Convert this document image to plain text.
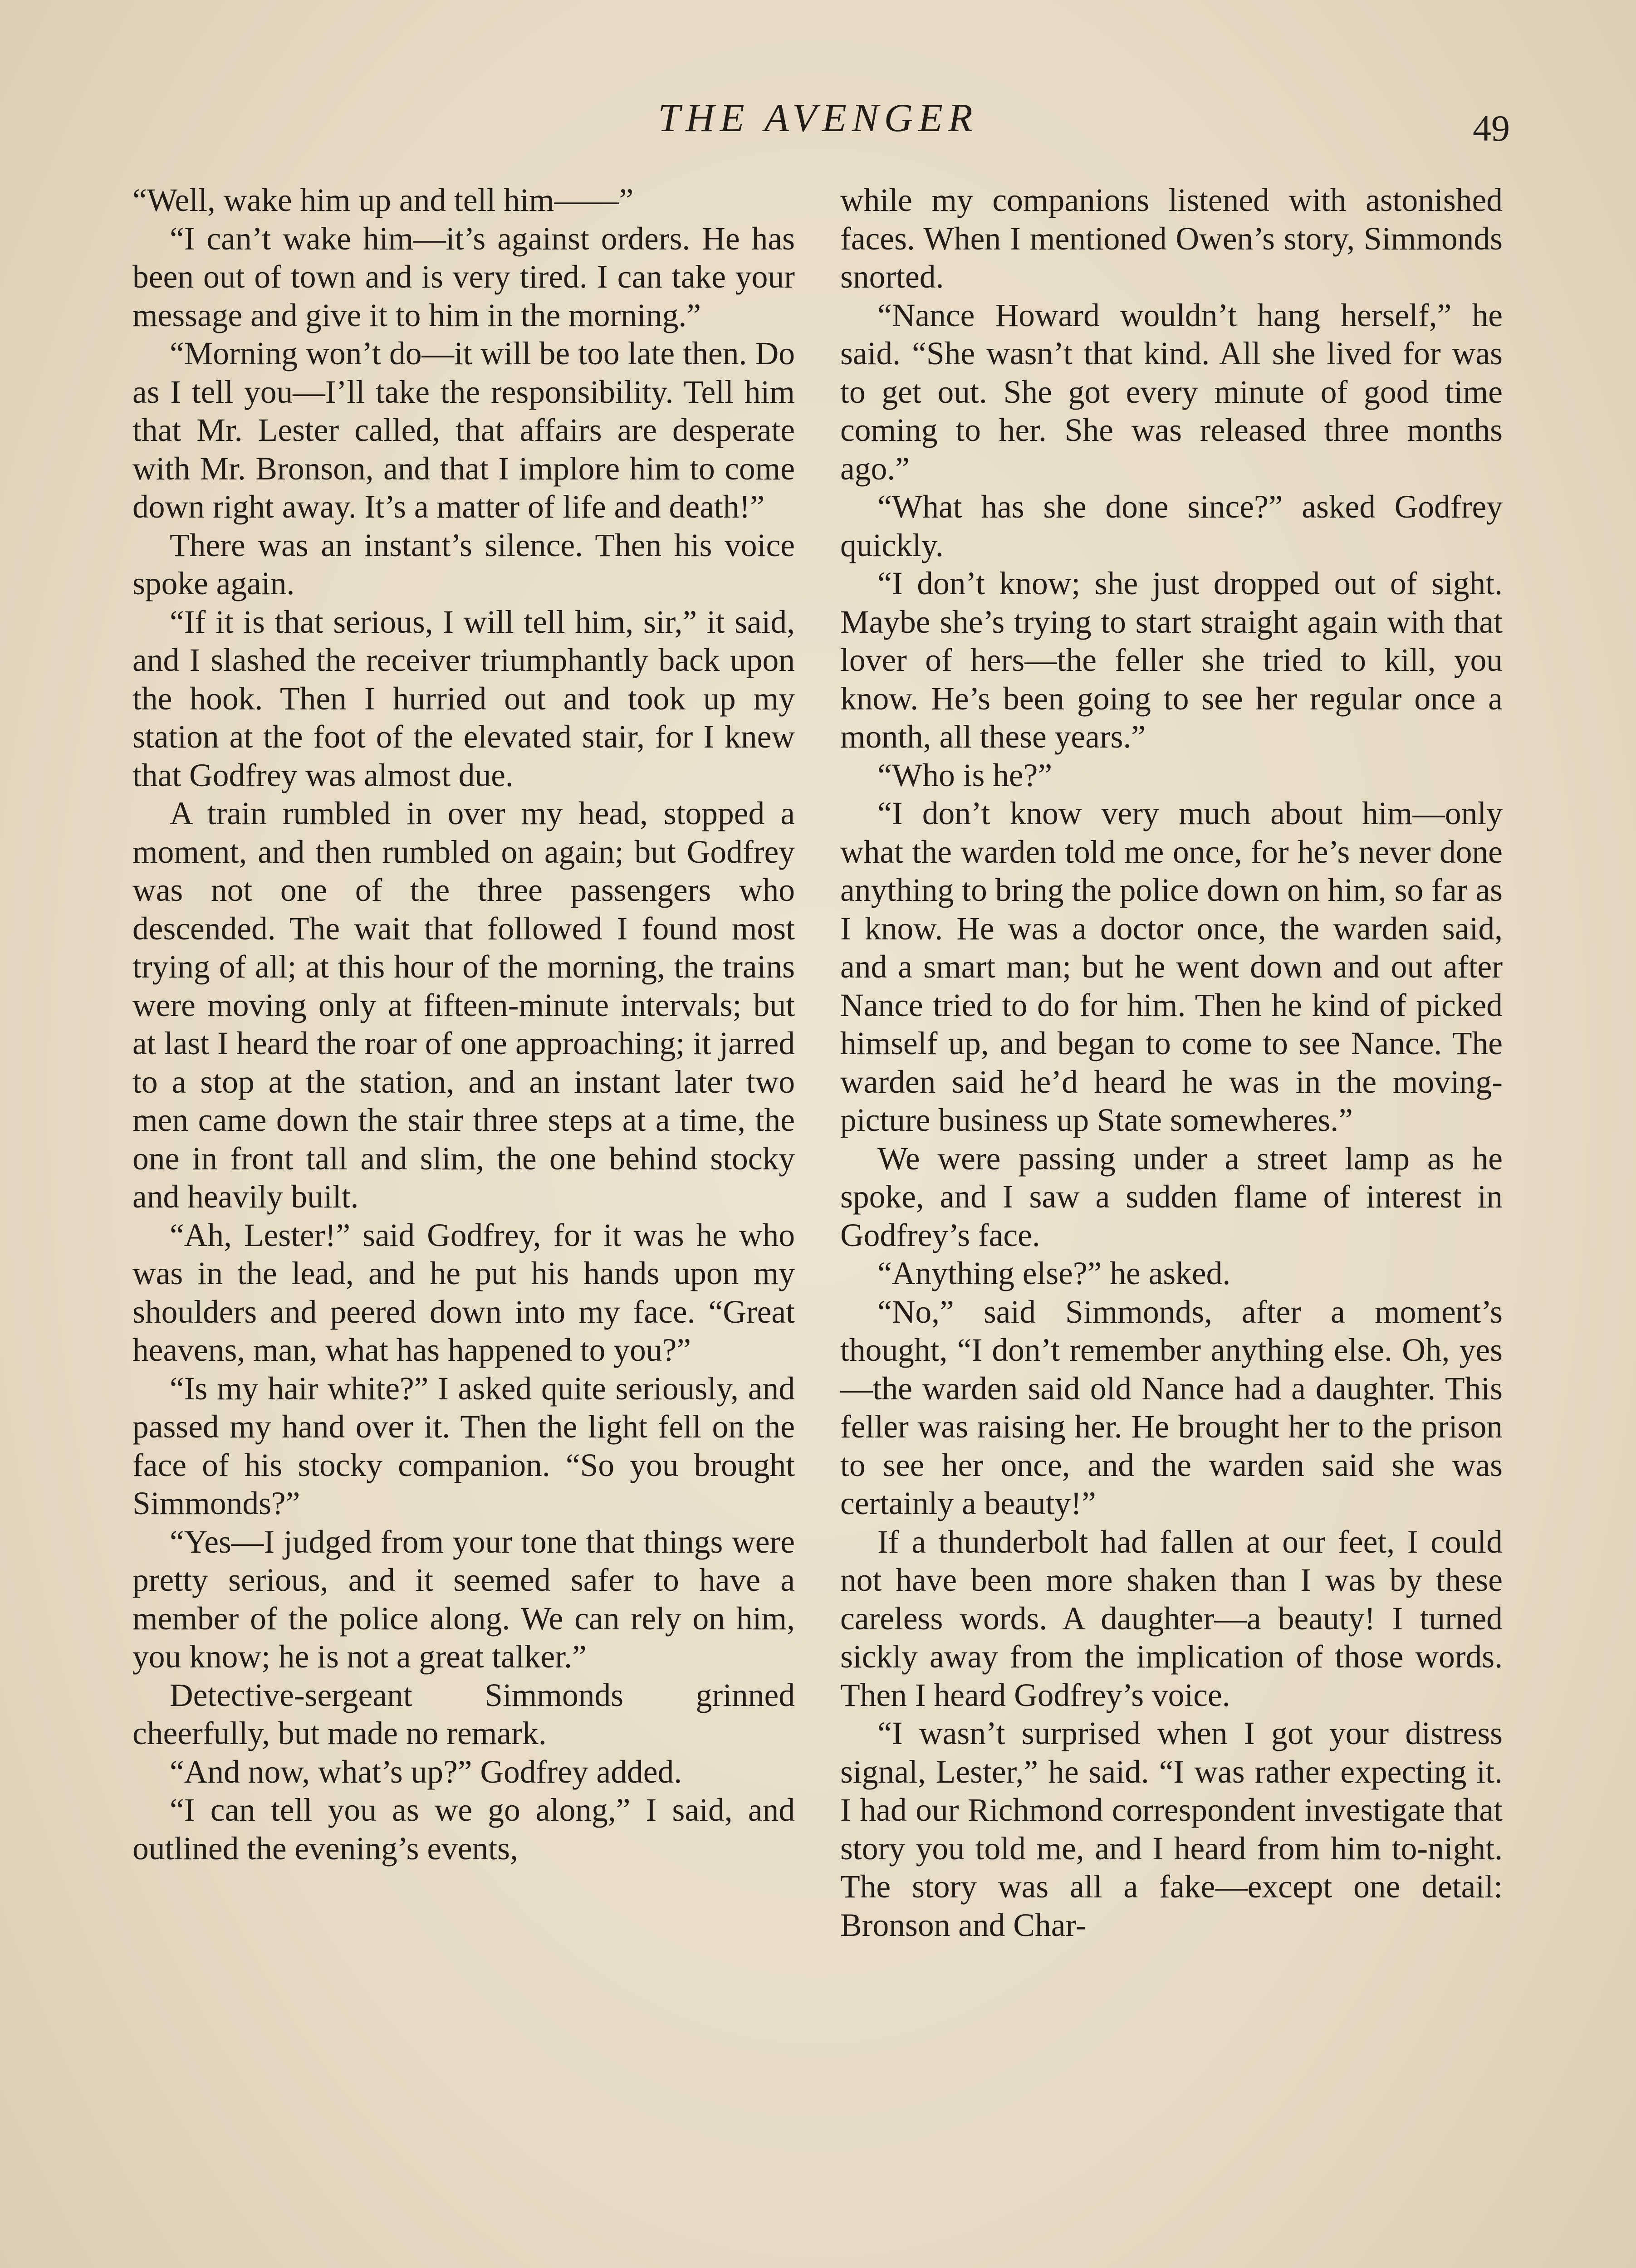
THE AVENGER	49

“Well, wake him up and tell him——”

“I can’t wake him—it’s against orders. He has been out of town and is very tired. I can take your message and give it to him in the morning.”

“Morning won’t do—it will be too late then. Do as I tell you—I’ll take the responsibility. Tell him that Mr. Lester called, that affairs are desperate with Mr. Bronson, and that I implore him to come down right away. It’s a matter of life and death!”

There was an instant’s silence. Then his voice spoke again.

“If it is that serious, I will tell him, sir,” it said, and I slashed the receiver triumphantly back upon the hook. Then I hurried out and took up my station at the foot of the elevated stair, for I knew that Godfrey was almost due.

A train rumbled in over my head, stopped a moment, and then rumbled on again; but Godfrey was not one of the three passengers who descended. The wait that followed I found most trying of all; at this hour of the morning, the trains were moving only at fifteen-minute intervals; but at last I heard the roar of one approaching; it jarred to a stop at the station, and an instant later two men came down the stair three steps at a time, the one in front tall and slim, the one behind stocky and heavily built.

“Ah, Lester!” said Godfrey, for it was he who was in the lead, and he put his hands upon my shoulders and peered down into my face. “Great heavens, man, what has happened to you?”

“Is my hair white?” I asked quite seriously, and passed my hand over it. Then the light fell on the face of his stocky companion. “So you brought Simmonds?”

“Yes—I judged from your tone that things were pretty serious, and it seemed safer to have a member of the police along. We can rely on him, you know; he is not a great talker.”

Detective-sergeant Simmonds grinned cheerfully, but made no remark.

“And now, what’s up?” Godfrey added.

“I can tell you as we go along,” I said, and outlined the evening’s events,

while my companions listened with astonished faces. When I mentioned Owen’s story, Simmonds snorted.

“Nance Howard wouldn’t hang herself,” he said. “She wasn’t that kind. All she lived for was to get out. She got every minute of good time coming to her. She was released three months ago.”

“What has she done since?” asked Godfrey quickly.

“I don’t know; she just dropped out of sight. Maybe she’s trying to start straight again with that lover of hers—the feller she tried to kill, you know. He’s been going to see her regular once a month, all these years.”

“Who is he?”

“I don’t know very much about him—only what the warden told me once, for he’s never done anything to bring the police down on him, so far as I know. He was a doctor once, the warden said, and a smart man; but he went down and out after Nance tried to do for him. Then he kind of picked himself up, and began to come to see Nance. The warden said he’d heard he was in the moving-picture business up State somewheres.”

We were passing under a street lamp as he spoke, and I saw a sudden flame of interest in Godfrey’s face.

“Anything else?” he asked.

“No,” said Simmonds, after a moment’s thought, “I don’t remember anything else. Oh, yes—the warden said old Nance had a daughter. This feller was raising her. He brought her to the prison to see her once, and the warden said she was certainly a beauty!”

If a thunderbolt had fallen at our feet, I could not have been more shaken than I was by these careless words. A daughter—a beauty! I turned sickly away from the implication of those words. Then I heard Godfrey’s voice.

“I wasn’t surprised when I got your distress signal, Lester,” he said. “I was rather expecting it. I had our Richmond correspondent investigate that story you told me, and I heard from him to-night. The story was all a fake—except one detail: Bronson and Char-
